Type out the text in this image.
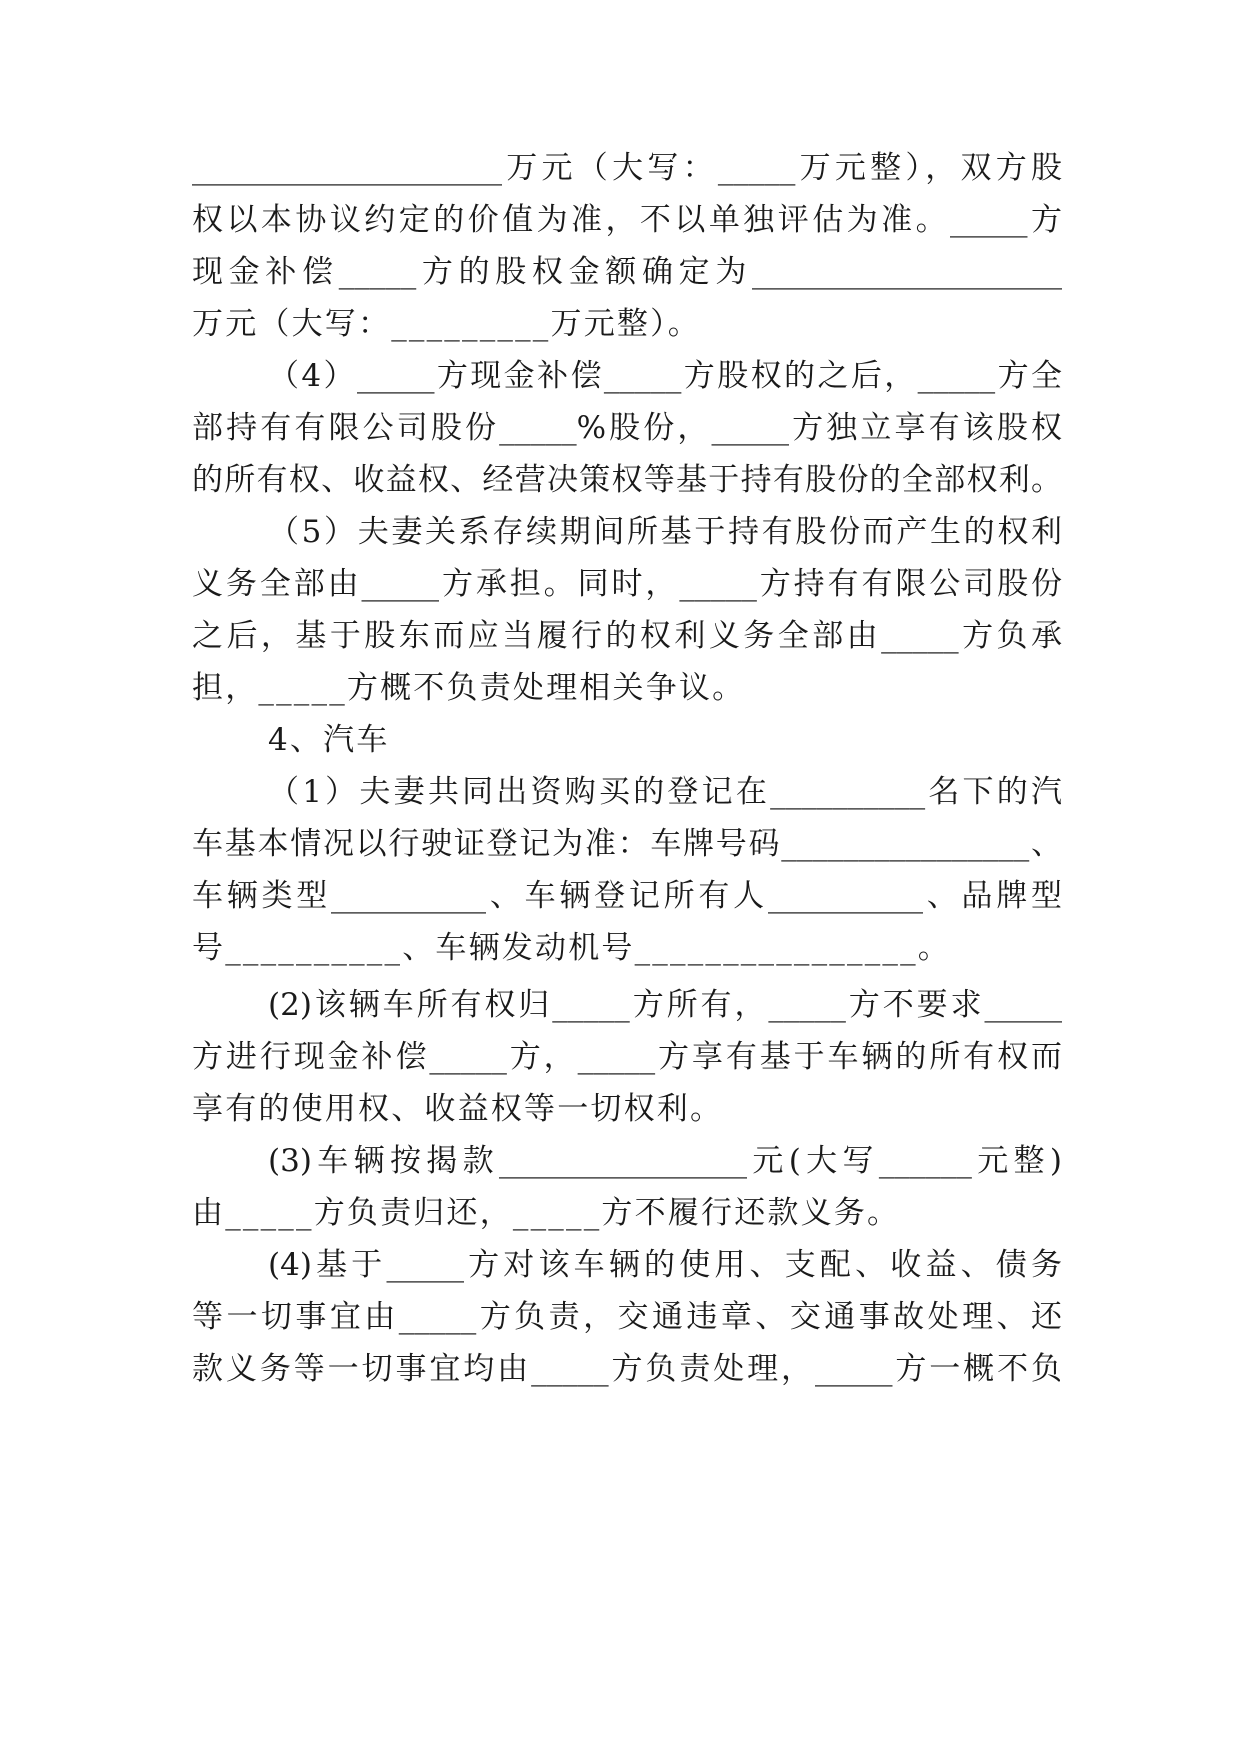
____________________万元（大写：_____万元整），双方股
权以本协议约定的价值为准，不以单独评估为准。_____方
现金补偿_____方的股权金额确定为____________________
万元（大写：_________万元整）。
（4）_____方现金补偿_____方股权的之后，_____方全
部持有有限公司股份_____%股份，_____方独立享有该股权
的所有权、收益权、经营决策权等基于持有股份的全部权利。
（5）夫妻关系存续期间所基于持有股份而产生的权利
义务全部由_____方承担。同时，_____方持有有限公司股份
之后，基于股东而应当履行的权利义务全部由_____方负承
担，_____方概不负责处理相关争议。
4、汽车
（1）夫妻共同出资购买的登记在__________名下的汽
车基本情况以行驶证登记为准：车牌号码________________、
车辆类型__________、车辆登记所有人__________、品牌型
号__________、车辆发动机号________________。
(2)该辆车所有权归_____方所有，_____方不要求_____
方进行现金补偿_____方，_____方享有基于车辆的所有权而
享有的使用权、收益权等一切权利。
(3)车辆按揭款________________元(大写______元整)
由_____方负责归还，_____方不履行还款义务。
(4)基于_____方对该车辆的使用、支配、收益、债务
等一切事宜由_____方负责，交通违章、交通事故处理、还
款义务等一切事宜均由_____方负责处理，_____方一概不负
